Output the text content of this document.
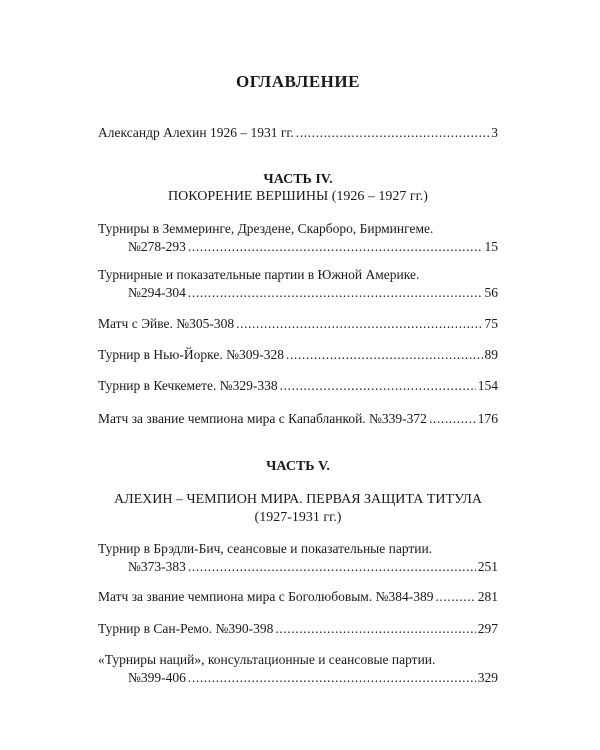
ОГЛАВЛЕНИЕ
Александр Алехин 1926 – 1931 гг. .....	3
ЧАСТЬ IV.
ПОКОРЕНИЕ ВЕРШИНЫ (1926 – 1927 гг.)
Турниры в Земмеринге, Дрездене, Скарборо, Бирмингеме.
№278-293 .....	15
Турнирные и показательные партии в Южной Америке.
№294-304 .....	56
Матч с Эйве. №305-308 .....	75
Турнир в Нью-Йорке. №309-328 .....	89
Турнир в Кечкемете. №329-338 .....	154
Матч за звание чемпиона мира с Капабланкой. №339-372 .....	176
ЧАСТЬ V.
АЛЕХИН – ЧЕМПИОН МИРА. ПЕРВАЯ ЗАЩИТА ТИТУЛА
(1927-1931 гг.)
Турнир в Брэдли-Бич, сеансовые и показательные партии.
№373-383 .....	251
Матч за звание чемпиона мира с Боголюбовым. №384-389 .....	281
Турнир в Сан-Ремо. №390-398 .....	297
«Турниры наций», консультационные и сеансовые партии.
№399-406 .....	329
